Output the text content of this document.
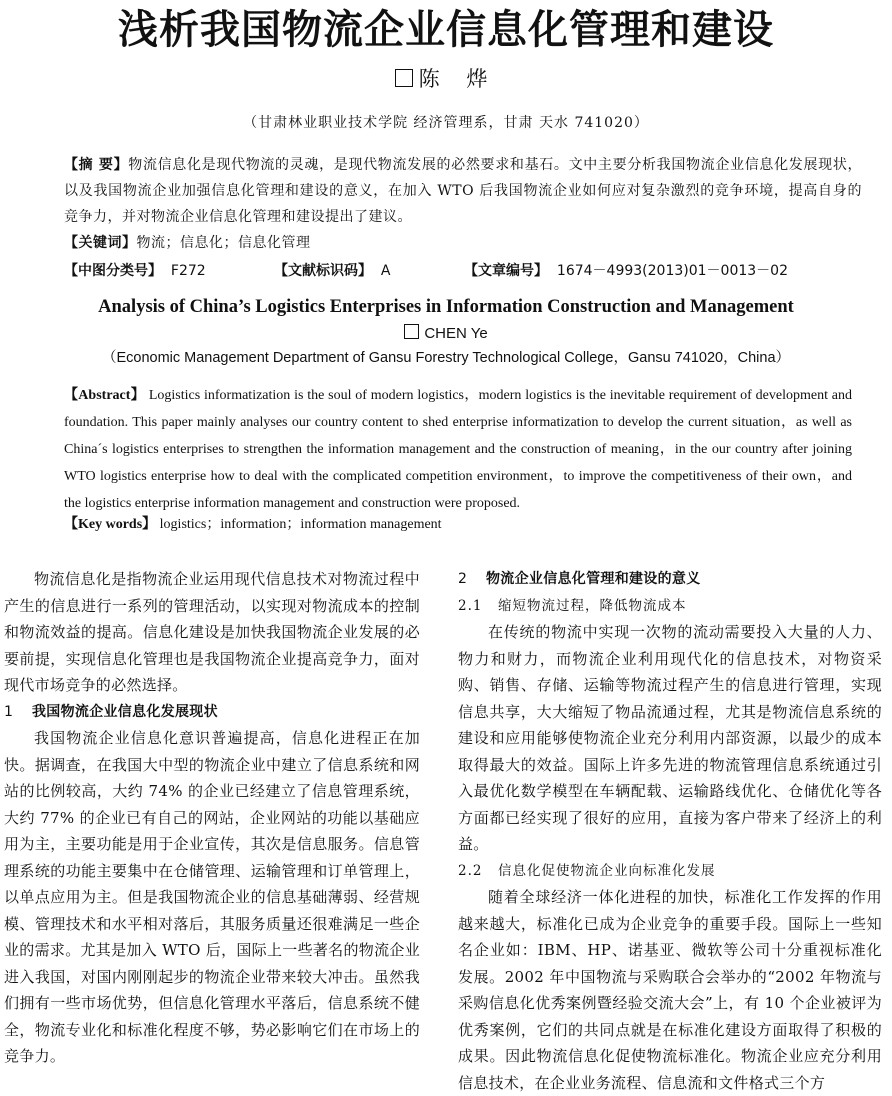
浅析我国物流企业信息化管理和建设
陈 烨
（甘肃林业职业技术学院 经济管理系，甘肃 天水 741020）
【摘 要】物流信息化是现代物流的灵魂，是现代物流发展的必然要求和基石。文中主要分析我国物流企业信息化发展现状，以及我国物流企业加强信息化管理和建设的意义，在加入 WTO 后我国物流企业如何应对复杂激烈的竞争环境，提高自身的竞争力，并对物流企业信息化管理和建设提出了建议。
【关键词】物流；信息化；信息化管理
【中图分类号】 F272	【文献标识码】 A	【文章编号】 1674－4993(2013)01－0013－02
Analysis of China’s Logistics Enterprises in Information Construction and Management
CHEN Ye
（Economic Management Department of Gansu Forestry Technological College，Gansu 741020，China）
【Abstract】 Logistics informatization is the soul of modern logistics，modern logistics is the inevitable requirement of development and foundation. This paper mainly analyses our country content to shed enterprise informatization to develop the current situation，as well as China´s logistics enterprises to strengthen the information management and the construction of meaning，in the our country after joining WTO logistics enterprise how to deal with the complicated competition environment，to improve the competitiveness of their own，and the logistics enterprise information management and construction were proposed.
【Key words】 logistics；information；information management

物流信息化是指物流企业运用现代信息技术对物流过程中产生的信息进行一系列的管理活动，以实现对物流成本的控制和物流效益的提高。信息化建设是加快我国物流企业发展的必要前提，实现信息化管理也是我国物流企业提高竞争力，面对现代市场竞争的必然选择。

1 我国物流企业信息化发展现状

我国物流企业信息化意识普遍提高，信息化进程正在加快。据调查，在我国大中型的物流企业中建立了信息系统和网站的比例较高，大约 74% 的企业已经建立了信息管理系统，大约 77% 的企业已有自己的网站，企业网站的功能以基础应用为主，主要功能是用于企业宣传，其次是信息服务。信息管理系统的功能主要集中在仓储管理、运输管理和订单管理上，以单点应用为主。但是我国物流企业的信息基础薄弱、经营规模、管理技术和水平相对落后，其服务质量还很难满足一些企业的需求。尤其是加入 WTO 后，国际上一些著名的物流企业进入我国，对国内刚刚起步的物流企业带来较大冲击。虽然我们拥有一些市场优势，但信息化管理水平落后，信息系统不健全，物流专业化和标准化程度不够，势必影响它们在市场上的竞争力。

2 物流企业信息化管理和建设的意义
2.1 缩短物流过程，降低物流成本

在传统的物流中实现一次物的流动需要投入大量的人力、物力和财力，而物流企业利用现代化的信息技术，对物资采购、销售、存储、运输等物流过程产生的信息进行管理，实现信息共享，大大缩短了物品流通过程，尤其是物流信息系统的建设和应用能够使物流企业充分利用内部资源，以最少的成本取得最大的效益。国际上许多先进的物流管理信息系统通过引入最优化数学模型在车辆配载、运输路线优化、仓储优化等各方面都已经实现了很好的应用，直接为客户带来了经济上的利益。

2.2 信息化促使物流企业向标准化发展

随着全球经济一体化进程的加快，标准化工作发挥的作用越来越大，标准化已成为企业竞争的重要手段。国际上一些知名企业如：IBM、HP、诺基亚、微软等公司十分重视标准化发展。2002 年中国物流与采购联合会举办的“2002 年物流与采购信息化优秀案例暨经验交流大会”上，有 10 个企业被评为优秀案例，它们的共同点就是在标准化建设方面取得了积极的成果。因此物流信息化促使物流标准化。物流企业应充分利用信息技术，在企业业务流程、信息流和文件格式三个方
